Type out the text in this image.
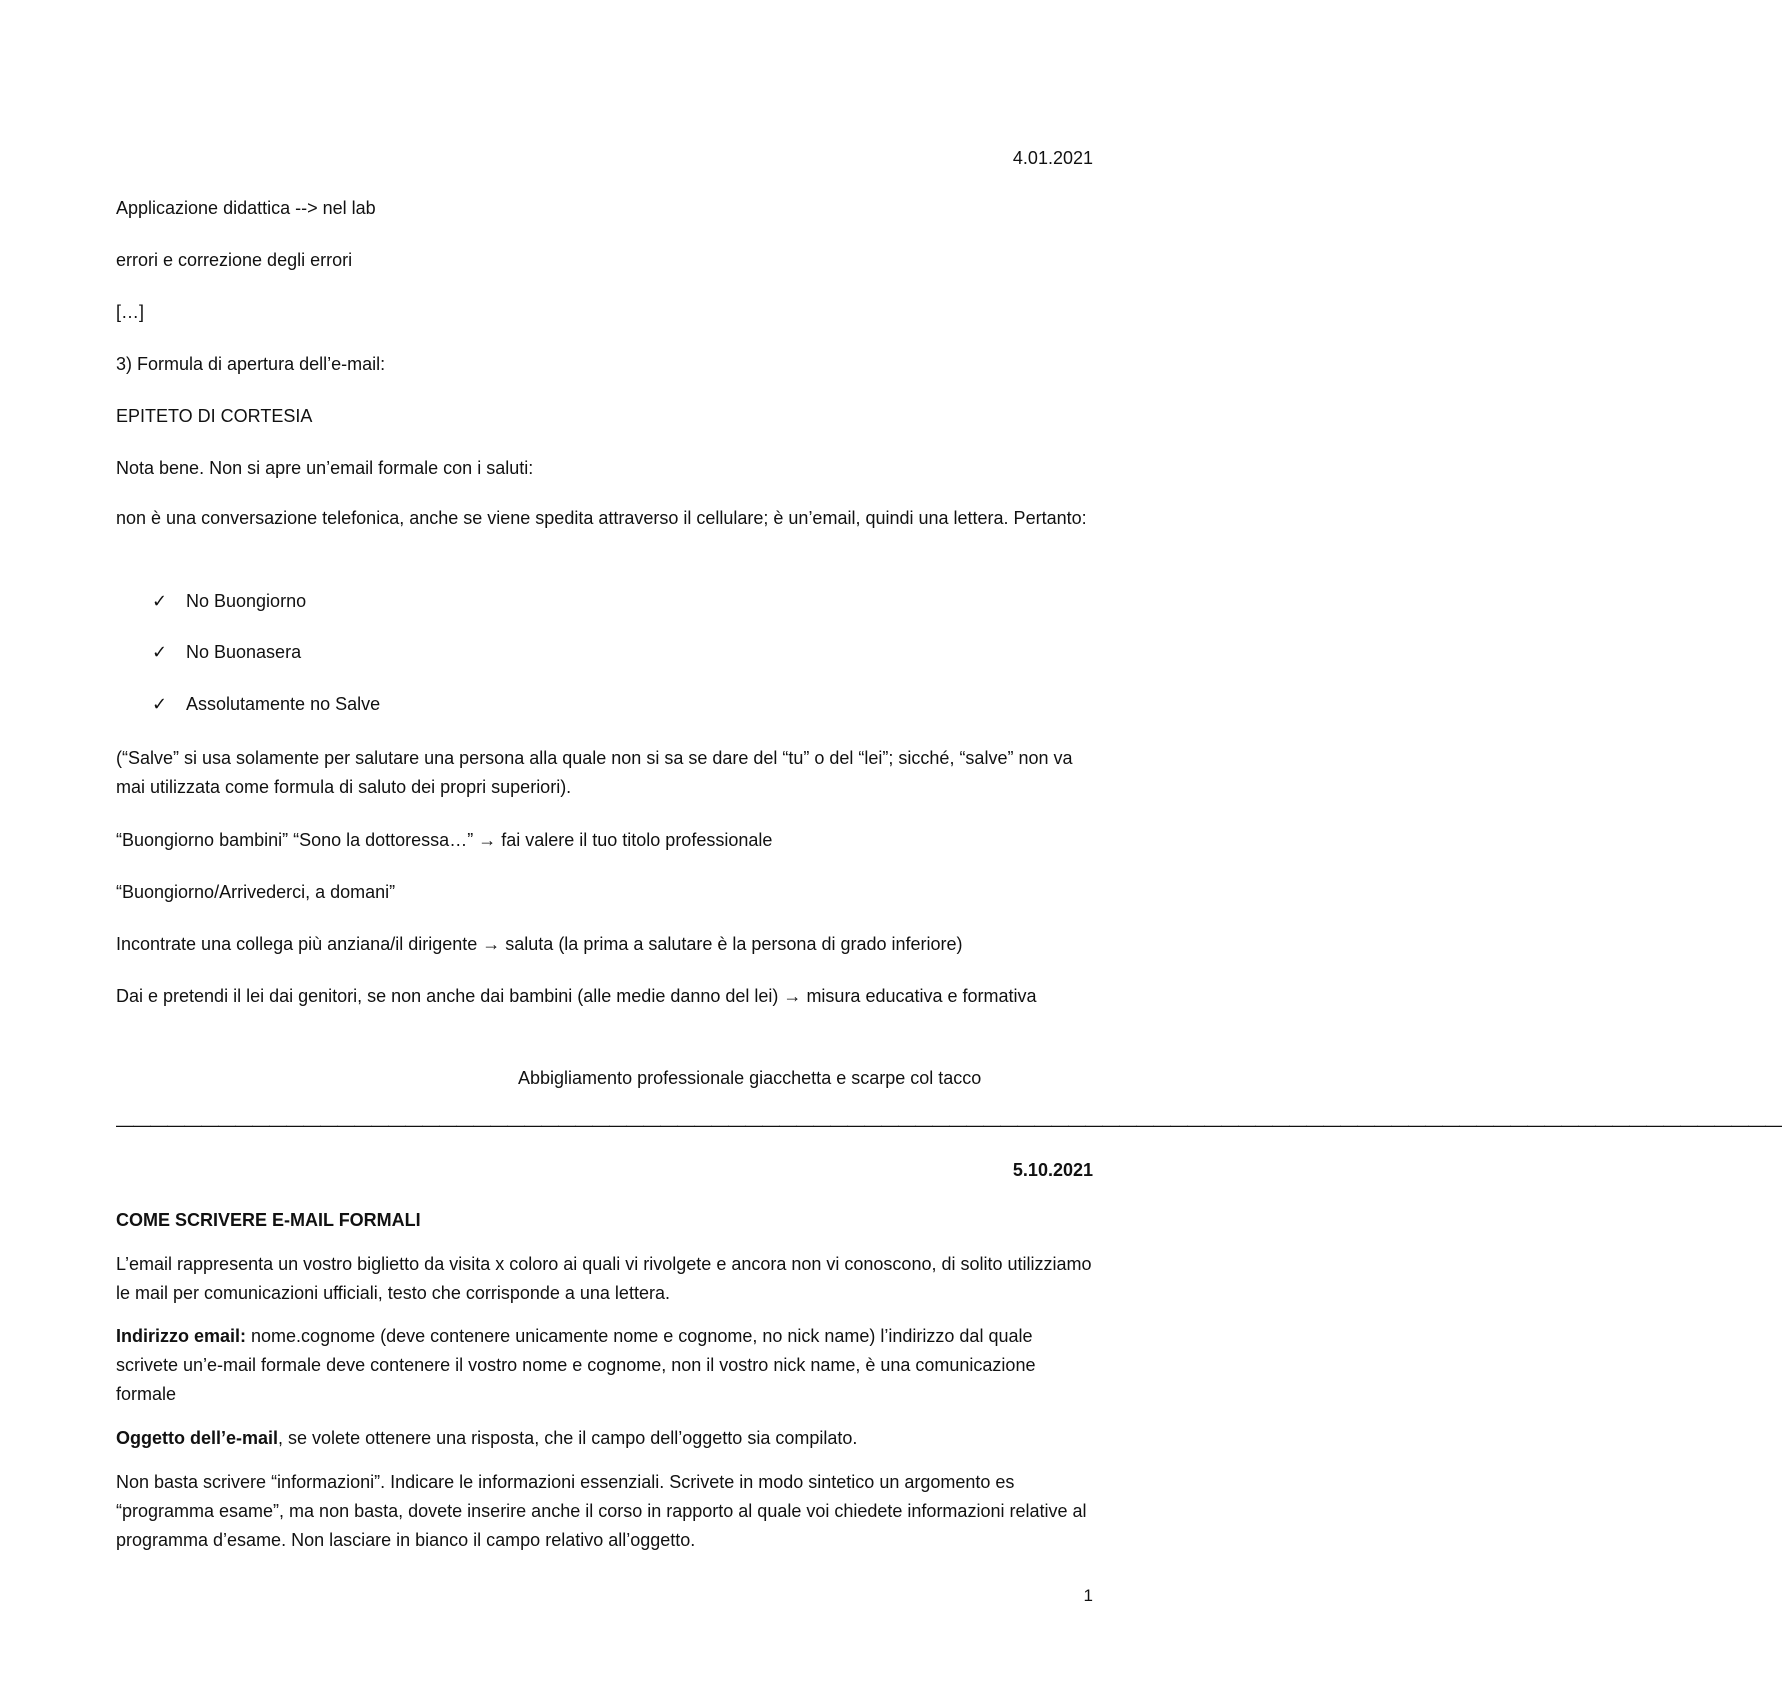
4.01.2021
Applicazione didattica --> nel lab
errori e correzione degli errori
[…]
3) Formula di apertura dell’e-mail:
EPITETO DI CORTESIA
Nota bene. Non si apre un’email formale con i saluti:
non è una conversazione telefonica, anche se viene spedita attraverso il cellulare; è un’email, quindi una lettera. Pertanto:
✓ No Buongiorno
✓ No Buonasera
✓ Assolutamente no Salve
(“Salve” si usa solamente per salutare una persona alla quale non si sa se dare del “tu” o del “lei”; sicché, “salve” non va mai utilizzata come formula di saluto dei propri superiori).
“Buongiorno bambini” “Sono la dottoressa…” → fai valere il tuo titolo professionale
“Buongiorno/Arrivederci, a domani”
Incontrate una collega più anziana/il dirigente → saluta (la prima a salutare è la persona di grado inferiore)
Dai e pretendi il lei dai genitori, se non anche dai bambini (alle medie danno del lei) → misura educativa e formativa
Abbigliamento professionale giacchetta e scarpe col tacco
——————————————————————————————————————————————————————————————————————————————————————————————————
5.10.2021
COME SCRIVERE E-MAIL FORMALI
L’email rappresenta un vostro biglietto da visita x coloro ai quali vi rivolgete e ancora non vi conoscono, di solito utilizziamo le mail per comunicazioni ufficiali, testo che corrisponde a una lettera.
Indirizzo email: nome.cognome (deve contenere unicamente nome e cognome, no nick name) l’indirizzo dal quale scrivete un’e-mail formale deve contenere il vostro nome e cognome, non il vostro nick name, è una comunicazione formale
Oggetto dell’e-mail, se volete ottenere una risposta, che il campo dell’oggetto sia compilato.
Non basta scrivere “informazioni”. Indicare le informazioni essenziali. Scrivete in modo sintetico un argomento es “programma esame”, ma non basta, dovete inserire anche il corso in rapporto al quale voi chiedete informazioni relative al programma d’esame. Non lasciare in bianco il campo relativo all’oggetto.
1
